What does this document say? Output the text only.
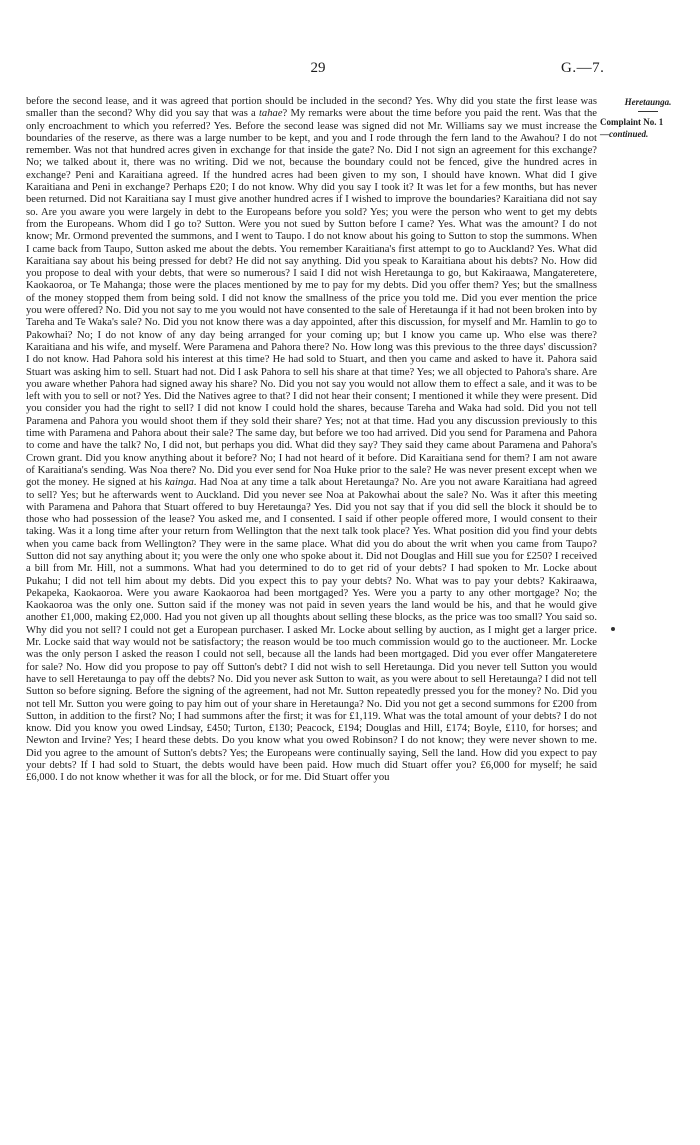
29	G.—7.
Heretaunga.
Complaint No. 1
—continued.

before the second lease, and it was agreed that portion should be included in the second? Yes. Why did you state the first lease was smaller than the second? Why did you say that was a tahae? My remarks were about the time before you paid the rent. Was that the only encroachment to which you referred? Yes. Before the second lease was signed did not Mr. Williams say we must increase the boundaries of the reserve, as there was a large number to be kept, and you and I rode through the fern land to the Awahou? I do not remember. Was not that hundred acres given in exchange for that inside the gate? No. Did I not sign an agreement for this exchange? No; we talked about it, there was no writing. Did we not, because the boundary could not be fenced, give the hundred acres in exchange? Peni and Karaitiana agreed. If the hundred acres had been given to my son, I should have known. What did I give Karaitiana and Peni in exchange? Perhaps £20; I do not know. Why did you say I took it? It was let for a few months, but has never been returned. Did not Karaitiana say I must give another hundred acres if I wished to improve the boundaries? Karaitiana did not say so. Are you aware you were largely in debt to the Europeans before you sold? Yes; you were the person who went to get my debts from the Europeans. Whom did I go to? Sutton. Were you not sued by Sutton before I came? Yes. What was the amount? I do not know; Mr. Ormond prevented the summons, and I went to Taupo. I do not know about his going to Sutton to stop the summons. When I came back from Taupo, Sutton asked me about the debts. You remember Karaitiana's first attempt to go to Auckland? Yes. What did Karaitiana say about his being pressed for debt? He did not say anything. Did you speak to Karaitiana about his debts? No. How did you propose to deal with your debts, that were so numerous? I said I did not wish Heretaunga to go, but Kakiraawa, Mangateretere, Kaokaoroa, or Te Mahanga; those were the places mentioned by me to pay for my debts. Did you offer them? Yes; but the smallness of the money stopped them from being sold. I did not know the smallness of the price you told me. Did you ever mention the price you were offered? No. Did you not say to me you would not have consented to the sale of Heretaunga if it had not been broken into by Tareha and Te Waka's sale? No. Did you not know there was a day appointed, after this discussion, for myself and Mr. Hamlin to go to Pakowhai? No; I do not know of any day being arranged for your coming up; but I know you came up. Who else was there? Karaitiana and his wife, and myself. Were Paramena and Pahora there? No. How long was this previous to the three days' discussion? I do not know. Had Pahora sold his interest at this time? He had sold to Stuart, and then you came and asked to have it. Pahora said Stuart was asking him to sell. Stuart had not. Did I ask Pahora to sell his share at that time? Yes; we all objected to Pahora's share. Are you aware whether Pahora had signed away his share? No. Did you not say you would not allow them to effect a sale, and it was to be left with you to sell or not? Yes. Did the Natives agree to that? I did not hear their consent; I mentioned it while they were present. Did you consider you had the right to sell? I did not know I could hold the shares, because Tareha and Waka had sold. Did you not tell Paramena and Pahora you would shoot them if they sold their share? Yes; not at that time. Had you any discussion previously to this time with Paramena and Pahora about their sale? The same day, but before we too had arrived. Did you send for Paramena and Pahora to come and have the talk? No, I did not, but perhaps you did. What did they say? They said they came about Paramena and Pahora's Crown grant. Did you know anything about it before? No; I had not heard of it before. Did Karaitiana send for them? I am not aware of Karaitiana's sending. Was Noa there? No. Did you ever send for Noa Huke prior to the sale? He was never present except when we got the money. He signed at his kainga. Had Noa at any time a talk about Heretaunga? No. Are you not aware Karaitiana had agreed to sell? Yes; but he afterwards went to Auckland. Did you never see Noa at Pakowhai about the sale? No. Was it after this meeting with Paramena and Pahora that Stuart offered to buy Heretaunga? Yes. Did you not say that if you did sell the block it should be to those who had possession of the lease? You asked me, and I consented. I said if other people offered more, I would consent to their taking. Was it a long time after your return from Wellington that the next talk took place? Yes. What position did you find your debts when you came back from Wellington? They were in the same place. What did you do about the writ when you came from Taupo? Sutton did not say anything about it; you were the only one who spoke about it. Did not Douglas and Hill sue you for £250? I received a bill from Mr. Hill, not a summons. What had you determined to do to get rid of your debts? I had spoken to Mr. Locke about Pukahu; I did not tell him about my debts. Did you expect this to pay your debts? No. What was to pay your debts? Kakiraawa, Pekapeka, Kaokaoroa. Were you aware Kaokaoroa had been mortgaged? Yes. Were you a party to any other mortgage? No; the Kaokaoroa was the only one. Sutton said if the money was not paid in seven years the land would be his, and that he would give another £1,000, making £2,000. Had you not given up all thoughts about selling these blocks, as the price was too small? You said so. Why did you not sell? I could not get a European purchaser. I asked Mr. Locke about selling by auction, as I might get a larger price. Mr. Locke said that way would not be satisfactory; the reason would be too much commission would go to the auctioneer. Mr. Locke was the only person I asked the reason I could not sell, because all the lands had been mortgaged. Did you ever offer Mangateretere for sale? No. How did you propose to pay off Sutton's debt? I did not wish to sell Heretaunga. Did you never tell Sutton you would have to sell Heretaunga to pay off the debts? No. Did you never ask Sutton to wait, as you were about to sell Heretaunga? I did not tell Sutton so before signing. Before the signing of the agreement, had not Mr. Sutton repeatedly pressed you for the money? No. Did you not tell Mr. Sutton you were going to pay him out of your share in Heretaunga? No. Did you not get a second summons for £200 from Sutton, in addition to the first? No; I had summons after the first; it was for £1,119. What was the total amount of your debts? I do not know. Did you know you owed Lindsay, £450; Turton, £130; Peacock, £194; Douglas and Hill, £174; Boyle, £110, for horses; and Newton and Irvine? Yes; I heard these debts. Do you know what you owed Robinson? I do not know; they were never shown to me. Did you agree to the amount of Sutton's debts? Yes; the Europeans were continually saying, Sell the land. How did you expect to pay your debts? If I had sold to Stuart, the debts would have been paid. How much did Stuart offer you? £6,000 for myself; he said £6,000. I do not know whether it was for all the block, or for me. Did Stuart offer you
